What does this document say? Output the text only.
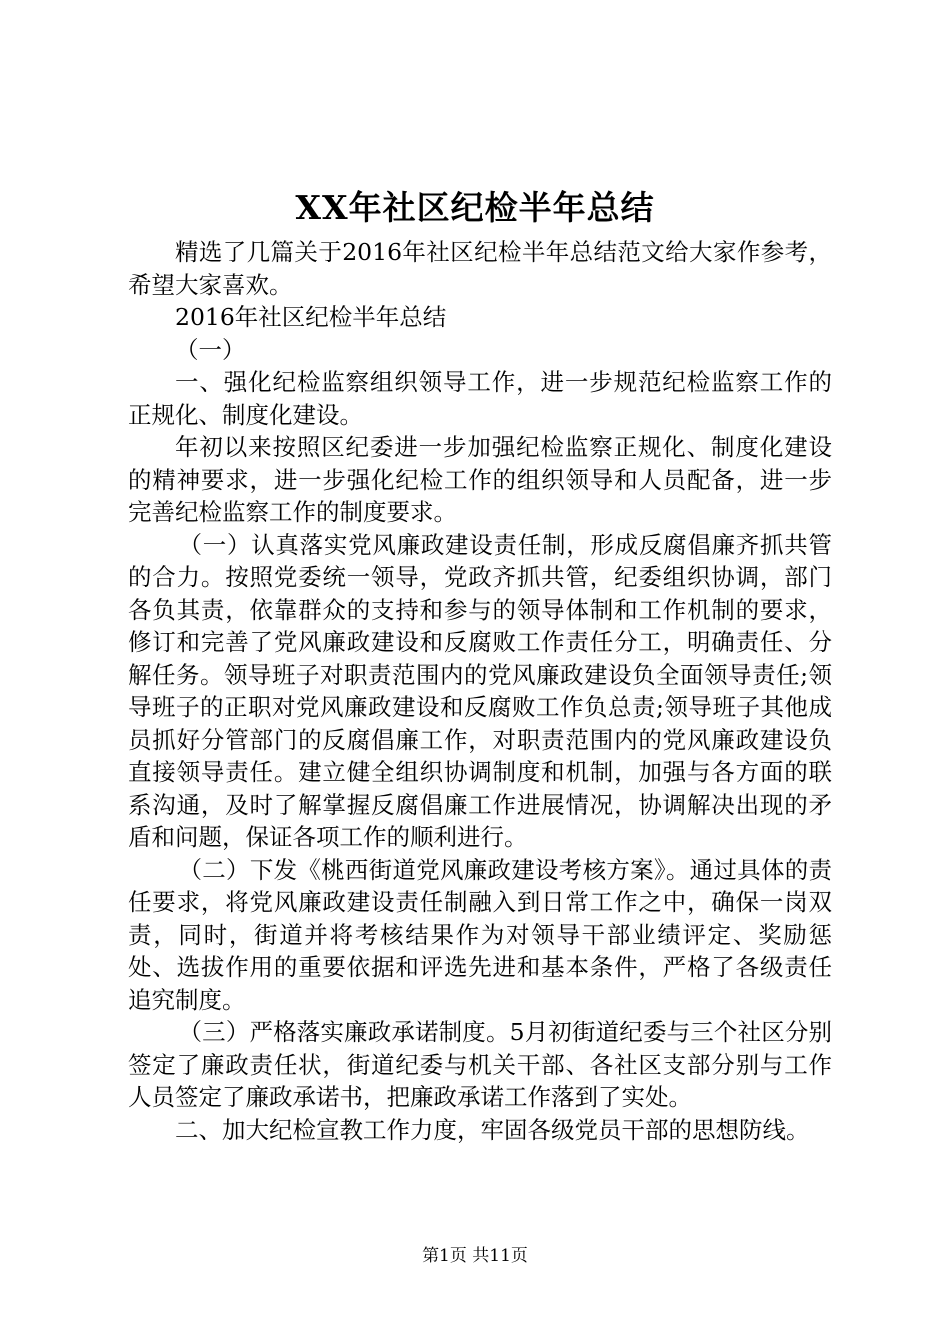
XX年社区纪检半年总结

精选了几篇关于2016年社区纪检半年总结范文给大家作参考，希望大家喜欢。

2016年社区纪检半年总结

（一）

一、强化纪检监察组织领导工作，进一步规范纪检监察工作的正规化、制度化建设。

年初以来按照区纪委进一步加强纪检监察正规化、制度化建设的精神要求，进一步强化纪检工作的组织领导和人员配备，进一步完善纪检监察工作的制度要求。

（一）认真落实党风廉政建设责任制，形成反腐倡廉齐抓共管的合力。按照党委统一领导，党政齐抓共管，纪委组织协调，部门各负其责，依靠群众的支持和参与的领导体制和工作机制的要求，修订和完善了党风廉政建设和反腐败工作责任分工，明确责任、分解任务。领导班子对职责范围内的党风廉政建设负全面领导责任;领导班子的正职对党风廉政建设和反腐败工作负总责;领导班子其他成员抓好分管部门的反腐倡廉工作，对职责范围内的党风廉政建设负直接领导责任。建立健全组织协调制度和机制，加强与各方面的联系沟通，及时了解掌握反腐倡廉工作进展情况，协调解决出现的矛盾和问题，保证各项工作的顺利进行。

（二）下发《桃西街道党风廉政建设考核方案》。通过具体的责任要求，将党风廉政建设责任制融入到日常工作之中，确保一岗双责，同时，街道并将考核结果作为对领导干部业绩评定、奖励惩处、选拔作用的重要依据和评选先进和基本条件，严格了各级责任追究制度。

（三）严格落实廉政承诺制度。5月初街道纪委与三个社区分别签定了廉政责任状，街道纪委与机关干部、各社区支部分别与工作人员签定了廉政承诺书，把廉政承诺工作落到了实处。

二、加大纪检宣教工作力度，牢固各级党员干部的思想防线。

第1页 共11页
